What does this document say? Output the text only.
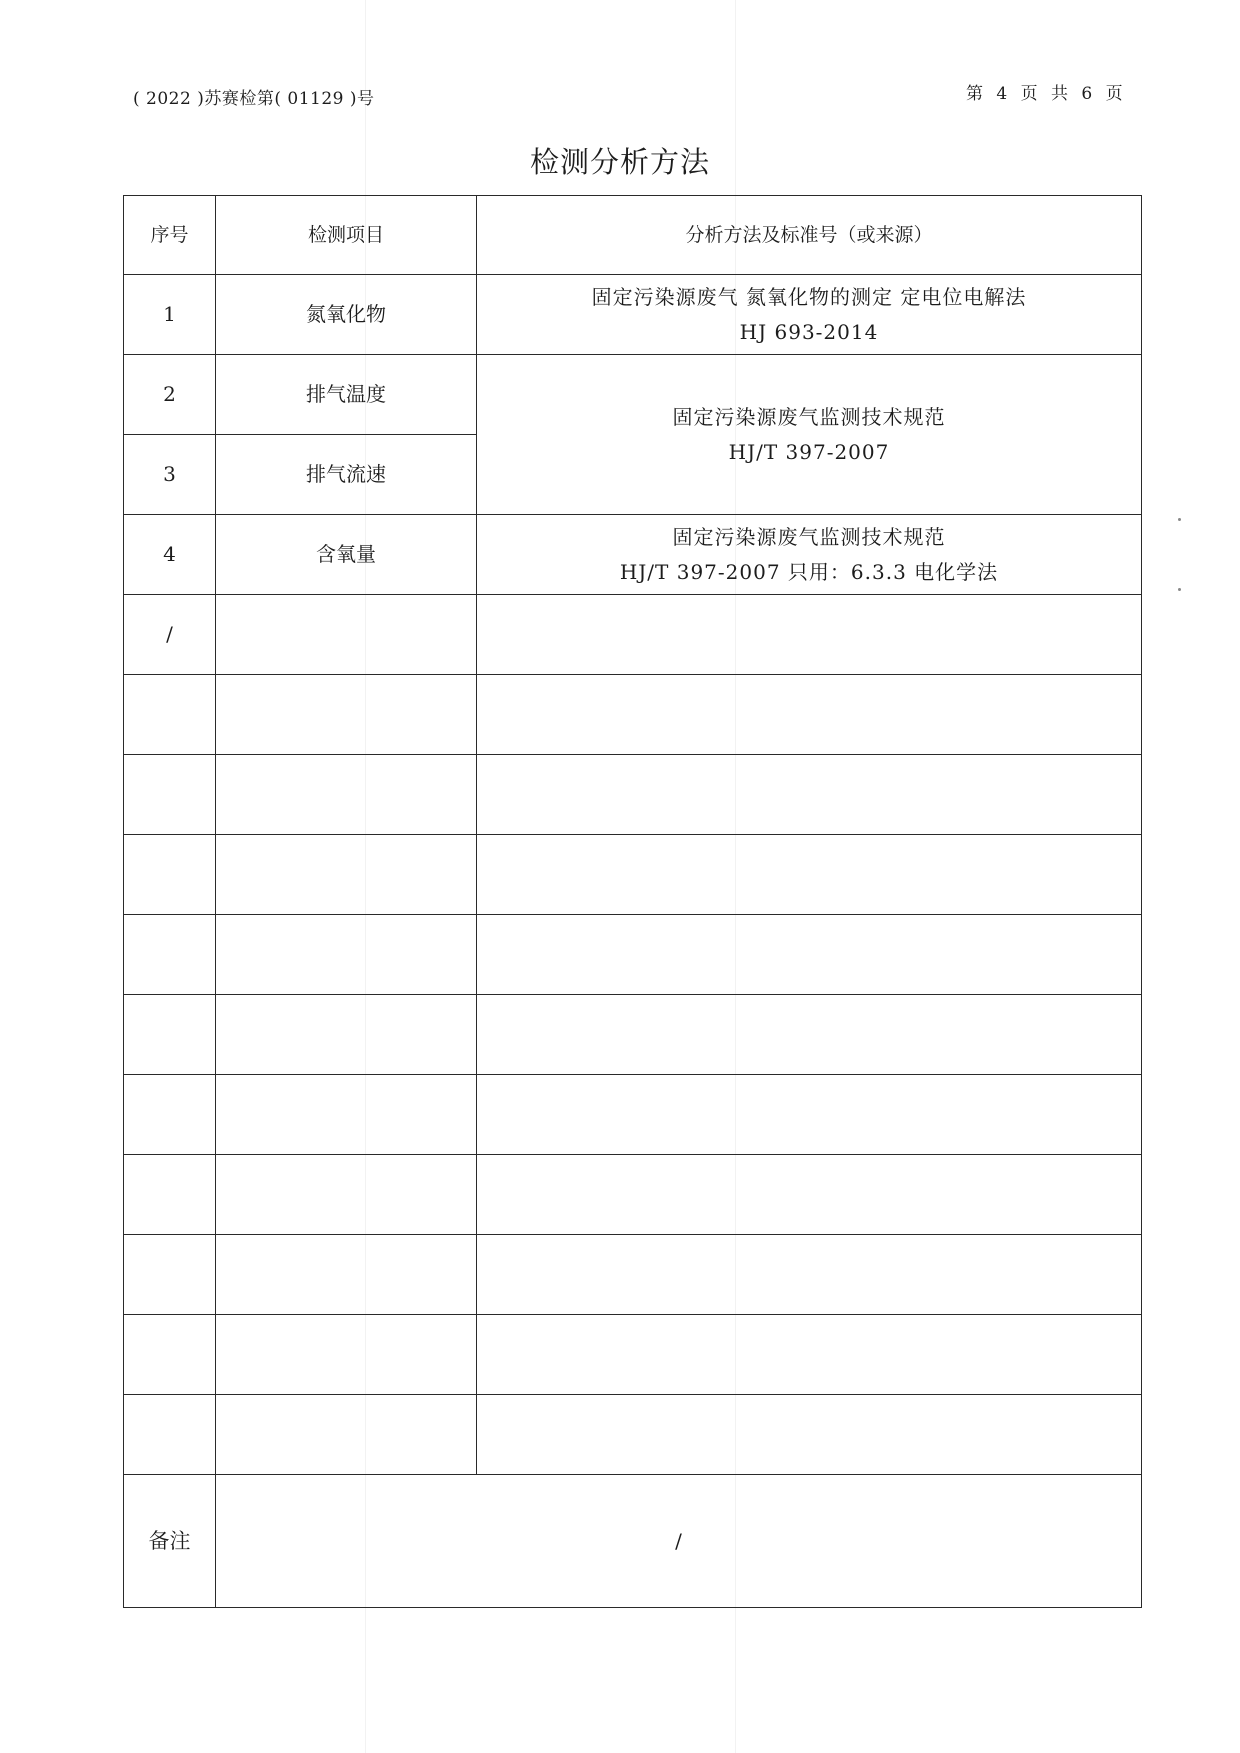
( 2022 )苏赛检第( 01129 )号	第 4 页 共 6 页
检测分析方法
序号	检测项目	分析方法及标准号（或来源）
1	氮氧化物	固定污染源废气 氮氧化物的测定 定电位电解法
HJ 693-2014

2	排气温度	固定污染源废气监测技术规范
HJ/T 397-2007

3	排气流速	
4	含氧量	固定污染源废气监测技术规范
HJ/T 397-2007 只用：6.3.3 电化学法

/		

备注	/	
